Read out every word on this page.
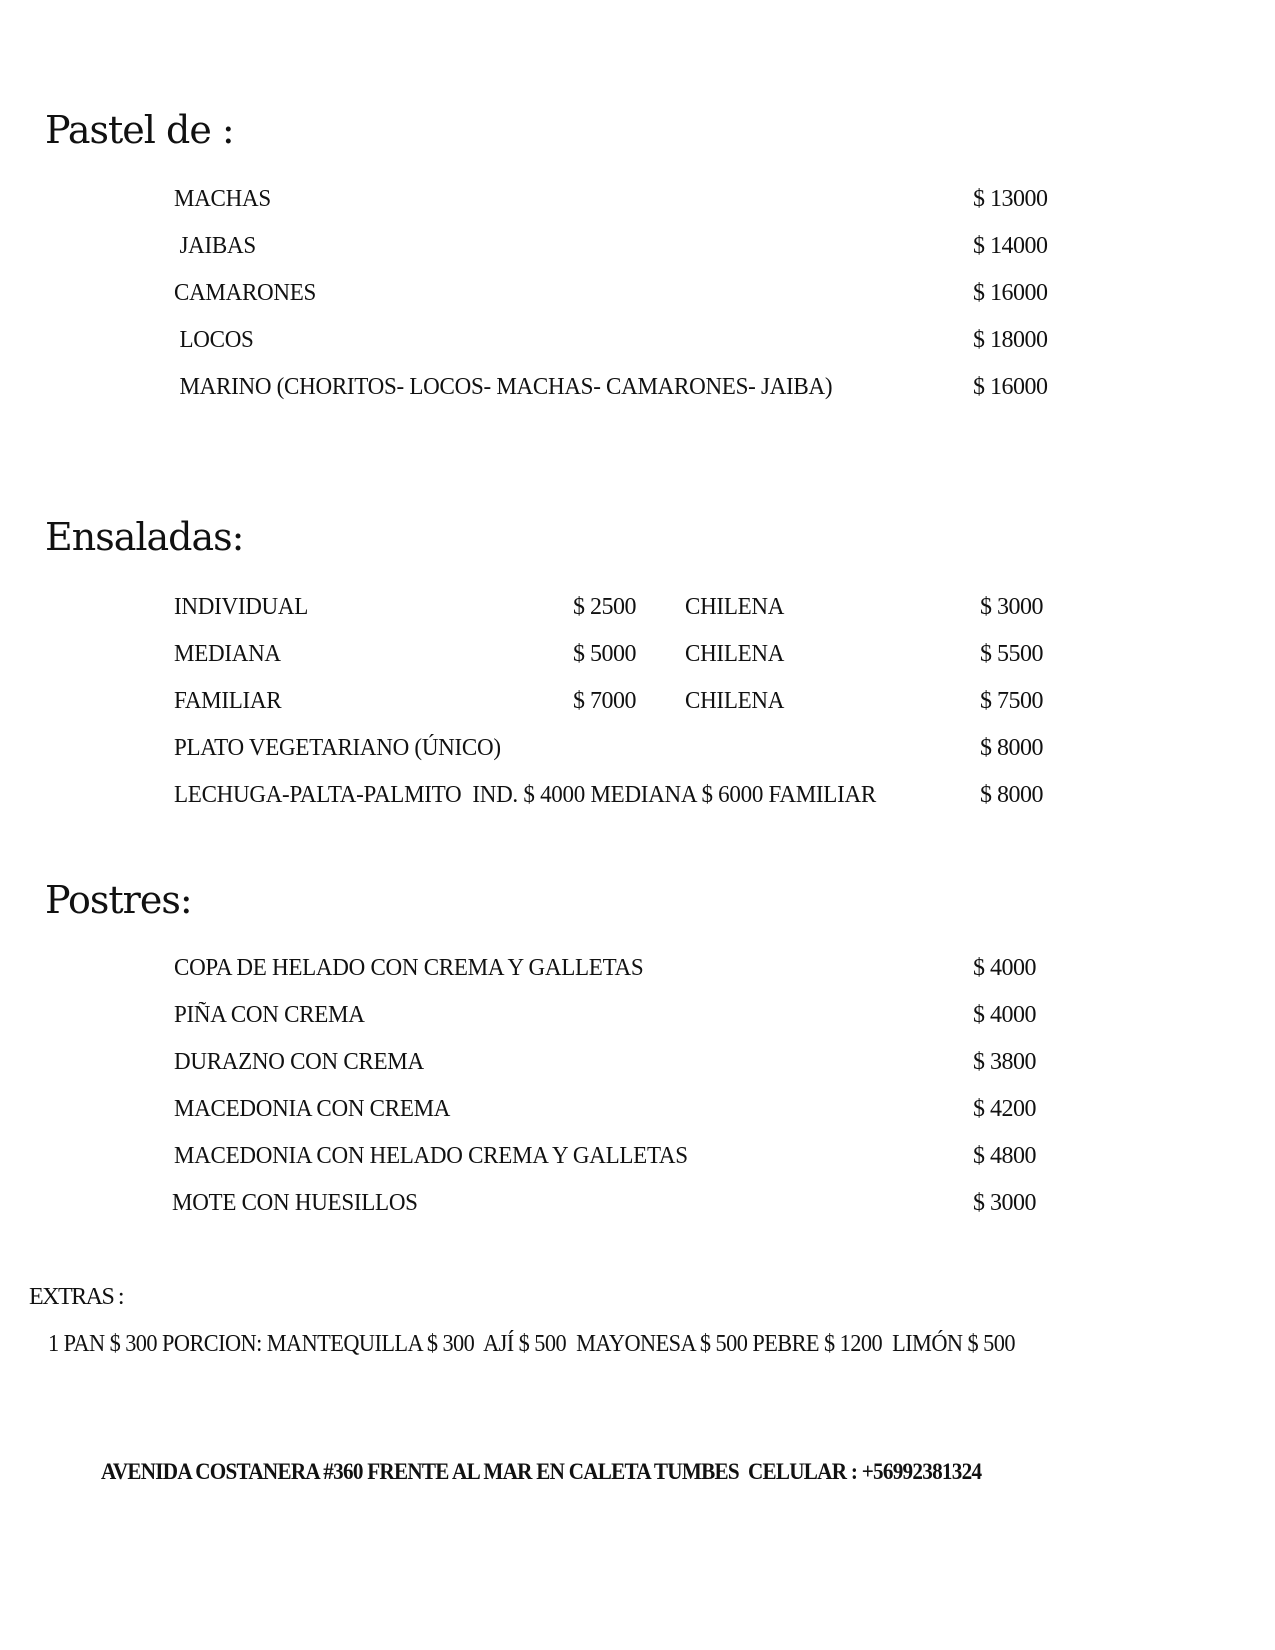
Pastel de :
MACHAS	$ 13000
JAIBAS	$ 14000
CAMARONES	$ 16000
LOCOS	$ 18000
MARINO (CHORITOS- LOCOS- MACHAS- CAMARONES- JAIBA)	$ 16000
Ensaladas:
INDIVIDUAL	$ 2500 CHILENA	$ 3000
MEDIANA	$ 5000 CHILENA	$ 5500
FAMILIAR	$ 7000 CHILENA	$ 7500
PLATO VEGETARIANO (ÚNICO)	$ 8000
LECHUGA-PALTA-PALMITO  IND. $ 4000 MEDIANA $ 6000 FAMILIAR	$ 8000
Postres:
COPA DE HELADO CON CREMA Y GALLETAS	$ 4000
PIÑA CON CREMA	$ 4000
DURAZNO CON CREMA	$ 3800
MACEDONIA CON CREMA	$ 4200
MACEDONIA CON HELADO CREMA Y GALLETAS	$ 4800
MOTE CON HUESILLOS	$ 3000
EXTRAS :
1 PAN $ 300 PORCION: MANTEQUILLA $ 300  AJÍ $ 500  MAYONESA $ 500 PEBRE $ 1200  LIMÓN $ 500
AVENIDA COSTANERA #360 FRENTE AL MAR EN CALETA TUMBES  CELULAR : +56992381324
